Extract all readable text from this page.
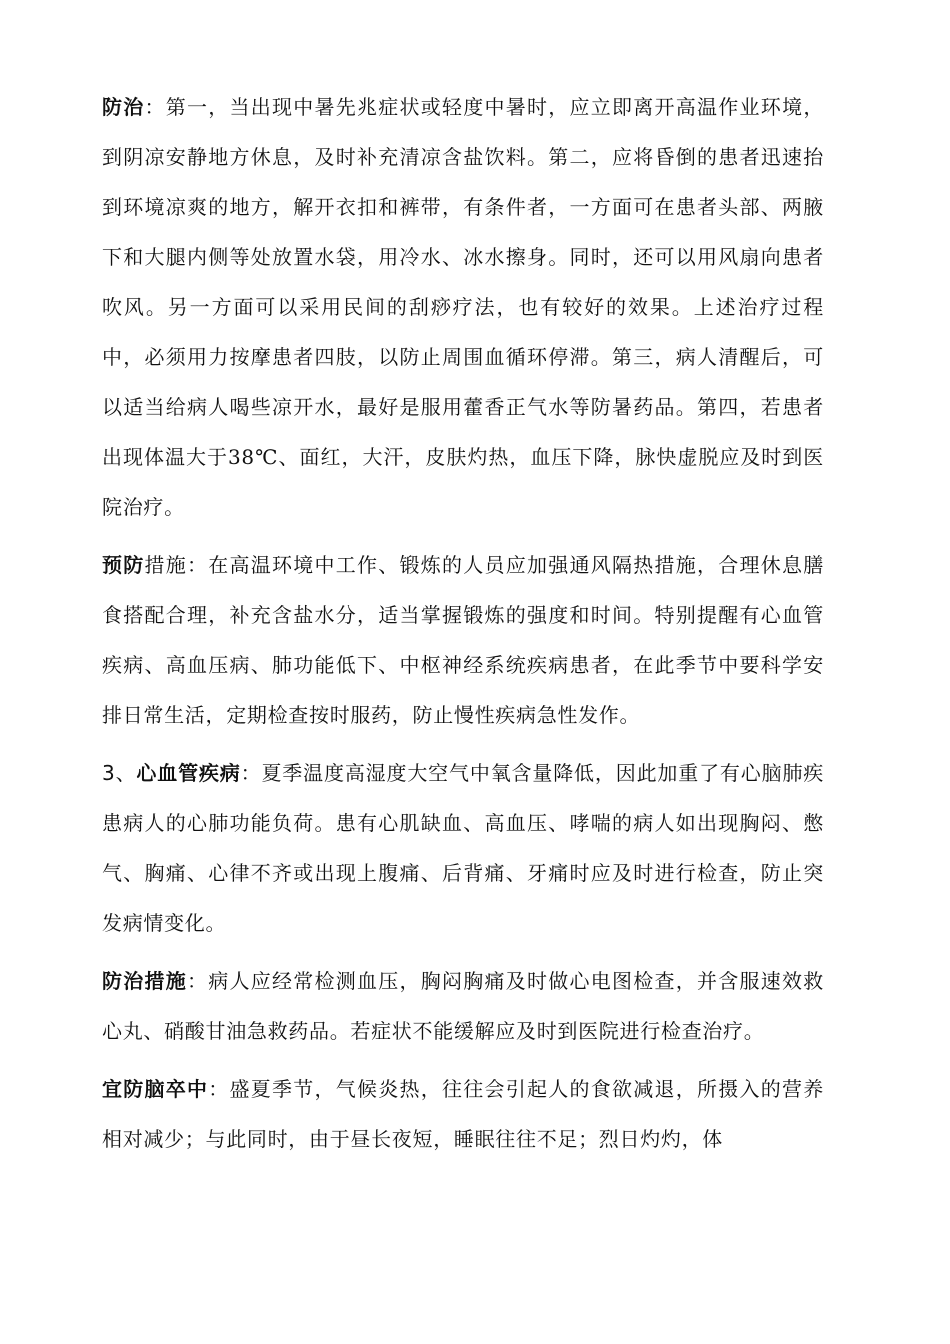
防治：第一，当出现中暑先兆症状或轻度中暑时，应立即离开高温作业环境，到阴凉安静地方休息，及时补充清凉含盐饮料。第二，应将昏倒的患者迅速抬到环境凉爽的地方，解开衣扣和裤带，有条件者，一方面可在患者头部、两腋下和大腿内侧等处放置水袋，用冷水、冰水擦身。同时，还可以用风扇向患者吹风。另一方面可以采用民间的刮痧疗法，也有较好的效果。上述治疗过程中，必须用力按摩患者四肢，以防止周围血循环停滞。第三，病人清醒后，可以适当给病人喝些凉开水，最好是服用藿香正气水等防暑药品。第四，若患者出现体温大于38℃、面红，大汗，皮肤灼热，血压下降，脉快虚脱应及时到医院治疗。

预防措施：在高温环境中工作、锻炼的人员应加强通风隔热措施，合理休息膳食搭配合理，补充含盐水分，适当掌握锻炼的强度和时间。特别提醒有心血管疾病、高血压病、肺功能低下、中枢神经系统疾病患者，在此季节中要科学安排日常生活，定期检查按时服药，防止慢性疾病急性发作。

3、心血管疾病：夏季温度高湿度大空气中氧含量降低，因此加重了有心脑肺疾患病人的心肺功能负荷。患有心肌缺血、高血压、哮喘的病人如出现胸闷、憋气、胸痛、心律不齐或出现上腹痛、后背痛、牙痛时应及时进行检查，防止突发病情变化。

防治措施：病人应经常检测血压，胸闷胸痛及时做心电图检查，并含服速效救心丸、硝酸甘油急救药品。若症状不能缓解应及时到医院进行检查治疗。

宜防脑卒中：盛夏季节，气候炎热，往往会引起人的食欲减退，所摄入的营养相对减少；与此同时，由于昼长夜短，睡眠往往不足；烈日灼灼，体
